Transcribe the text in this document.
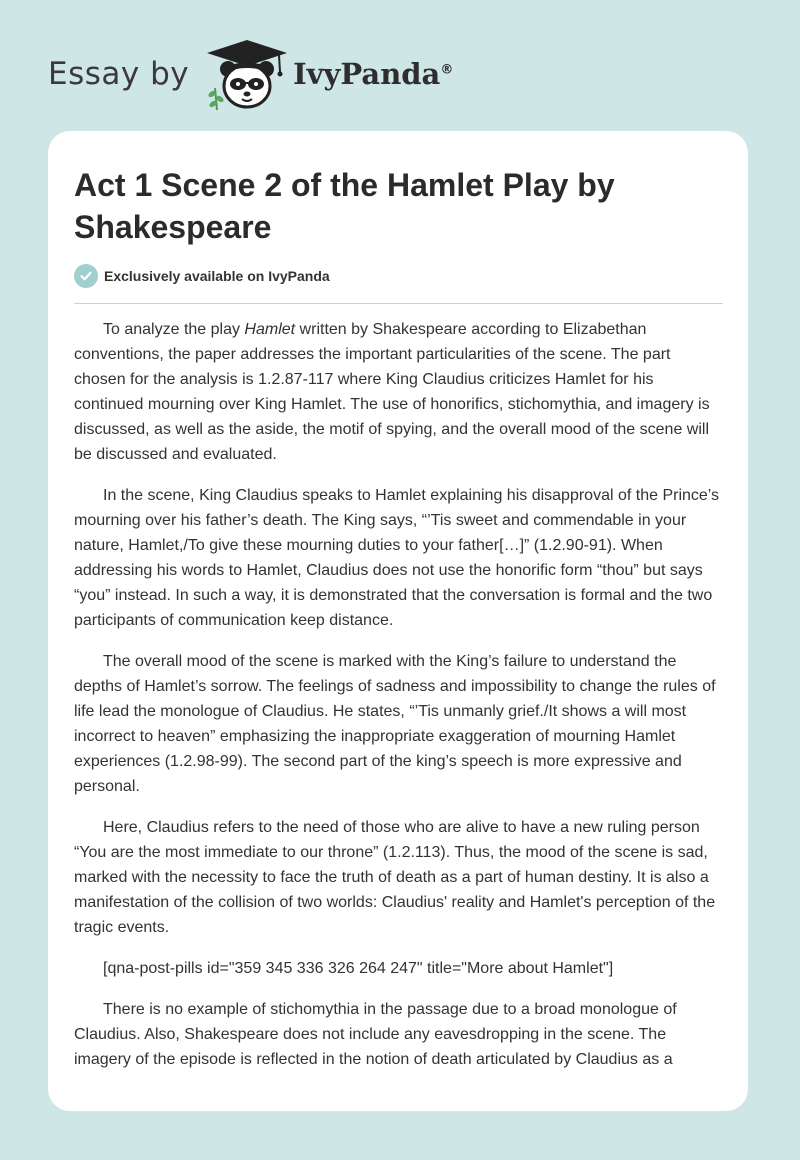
Essay by	IvyPanda®
Act 1 Scene 2 of the Hamlet Play by Shakespeare
Exclusively available on IvyPanda

To analyze the play Hamlet written by Shakespeare according to Elizabethan conventions, the paper addresses the important particularities of the scene. The part chosen for the analysis is 1.2.87-117 where King Claudius criticizes Hamlet for his continued mourning over King Hamlet. The use of honorifics, stichomythia, and imagery is discussed, as well as the aside, the motif of spying, and the overall mood of the scene will be discussed and evaluated.

In the scene, King Claudius speaks to Hamlet explaining his disapproval of the Prince’s mourning over his father’s death. The King says, “’Tis sweet and commendable in your nature, Hamlet,/To give these mourning duties to your father[…]” (1.2.90-91). When addressing his words to Hamlet, Claudius does not use the honorific form “thou” but says “you” instead. In such a way, it is demonstrated that the conversation is formal and the two participants of communication keep distance.

The overall mood of the scene is marked with the King’s failure to understand the depths of Hamlet’s sorrow. The feelings of sadness and impossibility to change the rules of life lead the monologue of Claudius. He states, “’Tis unmanly grief./It shows a will most incorrect to heaven” emphasizing the inappropriate exaggeration of mourning Hamlet experiences (1.2.98-99). The second part of the king’s speech is more expressive and personal.

Here, Claudius refers to the need of those who are alive to have a new ruling person “You are the most immediate to our throne” (1.2.113). Thus, the mood of the scene is sad, marked with the necessity to face the truth of death as a part of human destiny. It is also a manifestation of the collision of two worlds: Claudius' reality and Hamlet's perception of the tragic events.

[qna-post-pills id="359 345 336 326 264 247" title="More about Hamlet"]

There is no example of stichomythia in the passage due to a broad monologue of Claudius. Also, Shakespeare does not include any eavesdropping in the scene. The imagery of the episode is reflected in the notion of death articulated by Claudius as a
